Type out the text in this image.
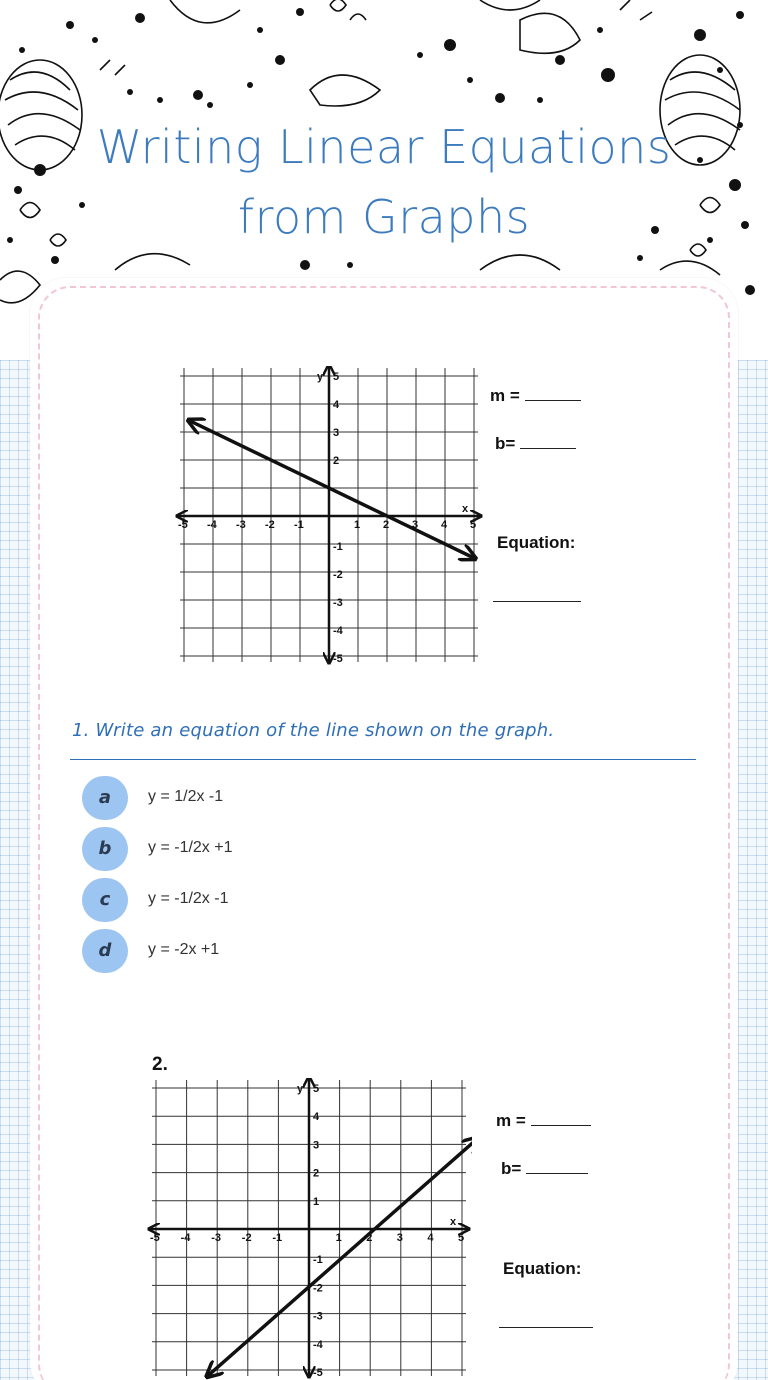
Writing Linear Equations
from Graphs
-5 -4 -3 -2 -1	1 2 3 4 5
5
4
3
2
-1
-2
-3
-4
-5
x
y
m =
b=
Equation:
1. Write an equation of the line shown on the graph.
a	y = 1/2x -1
b	y = -1/2x +1
c	y = -1/2x -1
d	y = -2x +1
2.
-5 -4 -3 -2 -1	1 2 3 4 5
5
4
3
2
1
-1
-2
-3
-4
-5
x
y
m =
b=
Equation:
